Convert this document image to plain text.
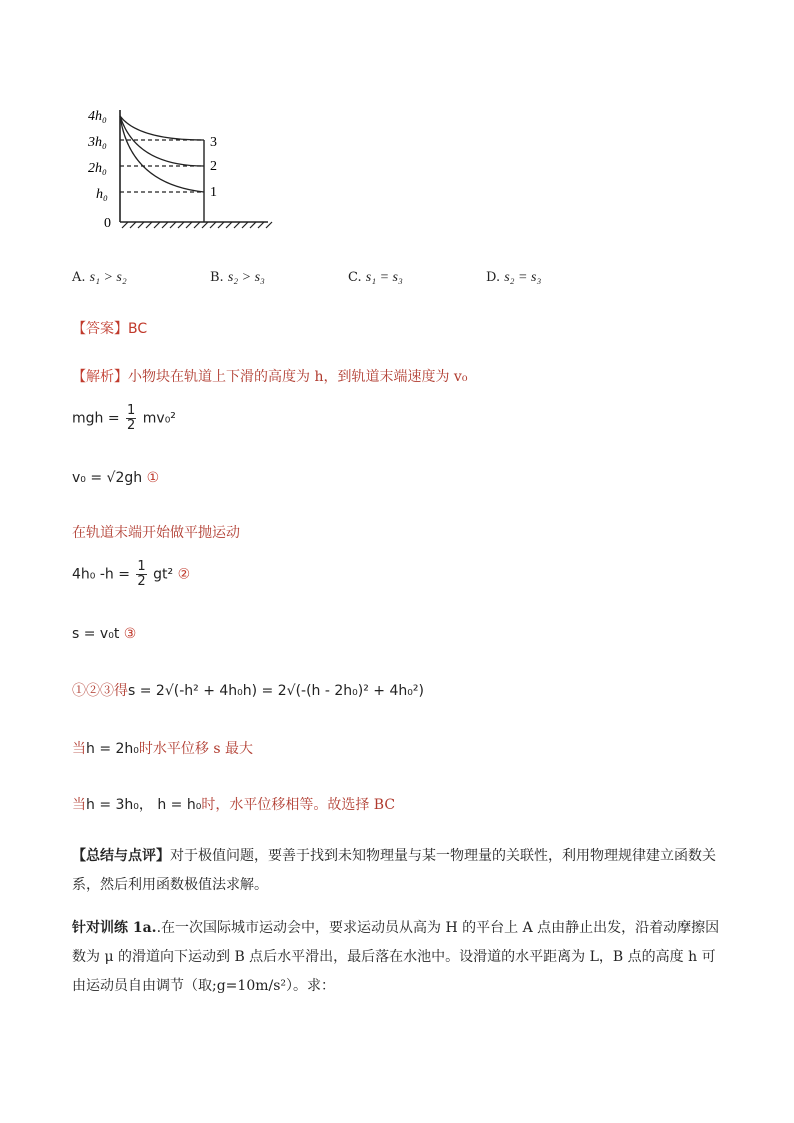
4h₀
3h₀
2h₀
h₀
0
3
2
1
A. s₁ > s₂	B. s₂ > s₃	C. s₁ = s₃	D. s₂ = s₃
【答案】BC
【解析】小物块在轨道上下滑的高度为 h，到轨道末端速度为 v₀
mgh = $\frac{1}{2} mv_0^2$
v₀ = √2gh ①
在轨道末端开始做平抛运动
4h₀ $-h = \frac{1}{2} gt^2$ ②
s = v₀t ③
①②③得s = 2√(-h² + 4h₀h) = 2√(-(h - 2h₀)² + 4h₀²)
当h = 2h₀时水平位移 s 最大
当h = 3h₀， h = h₀时，水平位移相等。故选择 BC
【总结与点评】对于极值问题，要善于找到未知物理量与某一物理量的关联性，利用物理规律建立函数关系，然后利用函数极值法求解。
针对训练 1a..在一次国际城市运动会中，要求运动员从高为 H 的平台上 A 点由静止出发，沿着动摩擦因数为 μ 的滑道向下运动到 B 点后水平滑出，最后落在水池中。设滑道的水平距离为 L，B 点的高度 h 可由运动员自由调节（取;g=10m/s²）。求：
